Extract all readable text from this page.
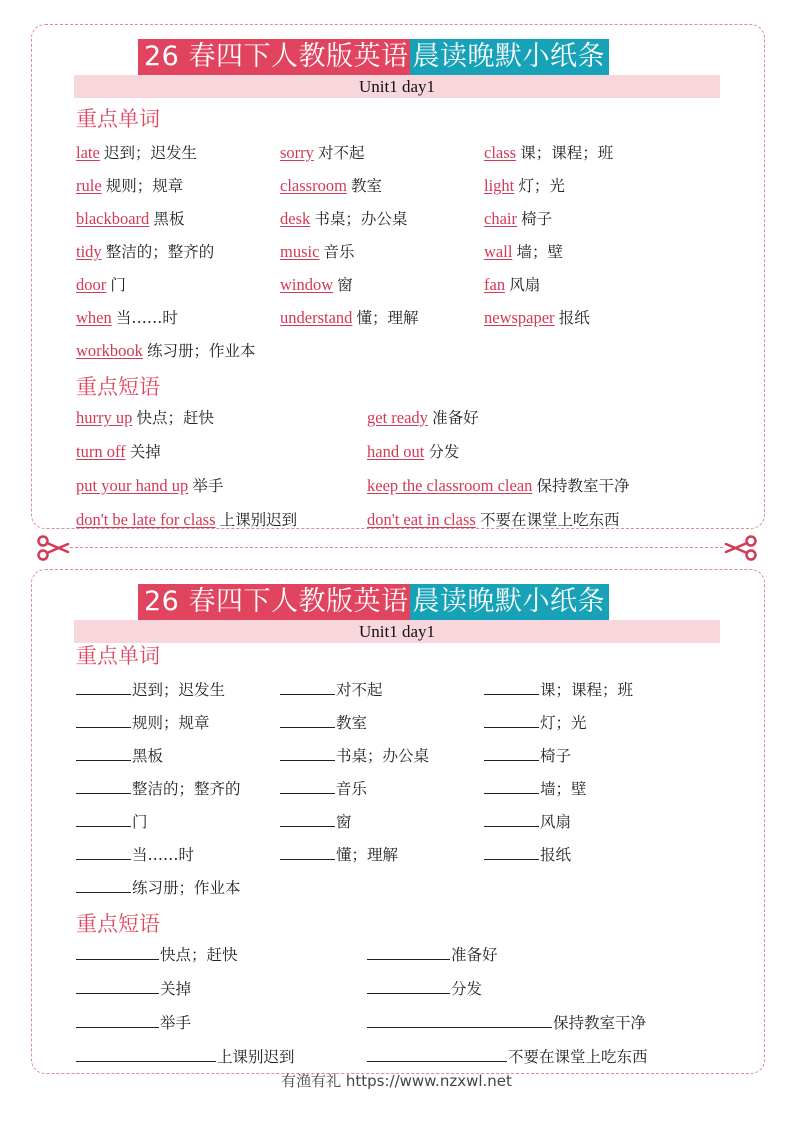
26 春四下人教版英语 晨读晚默小纸条
Unit1 day1
重点单词
late 迟到；迟发生	sorry 对不起	class 课；课程；班
rule 规则；规章	classroom 教室	light 灯；光
blackboard 黑板	desk 书桌；办公桌	chair 椅子
tidy 整洁的；整齐的	music 音乐	wall 墙；壁
door 门	window 窗	fan 风扇
when 当……时	understand 懂；理解	newspaper 报纸
workbook 练习册；作业本
重点短语
hurry up 快点；赶快	get ready 准备好
turn off 关掉	hand out 分发
put your hand up 举手	keep the classroom clean 保持教室干净
don't be late for class 上课别迟到	don't eat in class 不要在课堂上吃东西
26 春四下人教版英语 晨读晚默小纸条
Unit1 day1
重点单词
迟到；迟发生	对不起	课；课程；班
规则；规章	教室	灯；光
黑板	书桌；办公桌	椅子
整洁的；整齐的	音乐	墙；壁
门	窗	风扇
当……时	懂；理解	报纸
练习册；作业本
重点短语
快点；赶快	准备好
关掉	分发
举手	保持教室干净
上课别迟到	不要在课堂上吃东西
有渔有礼 https://www.nzxwl.net
